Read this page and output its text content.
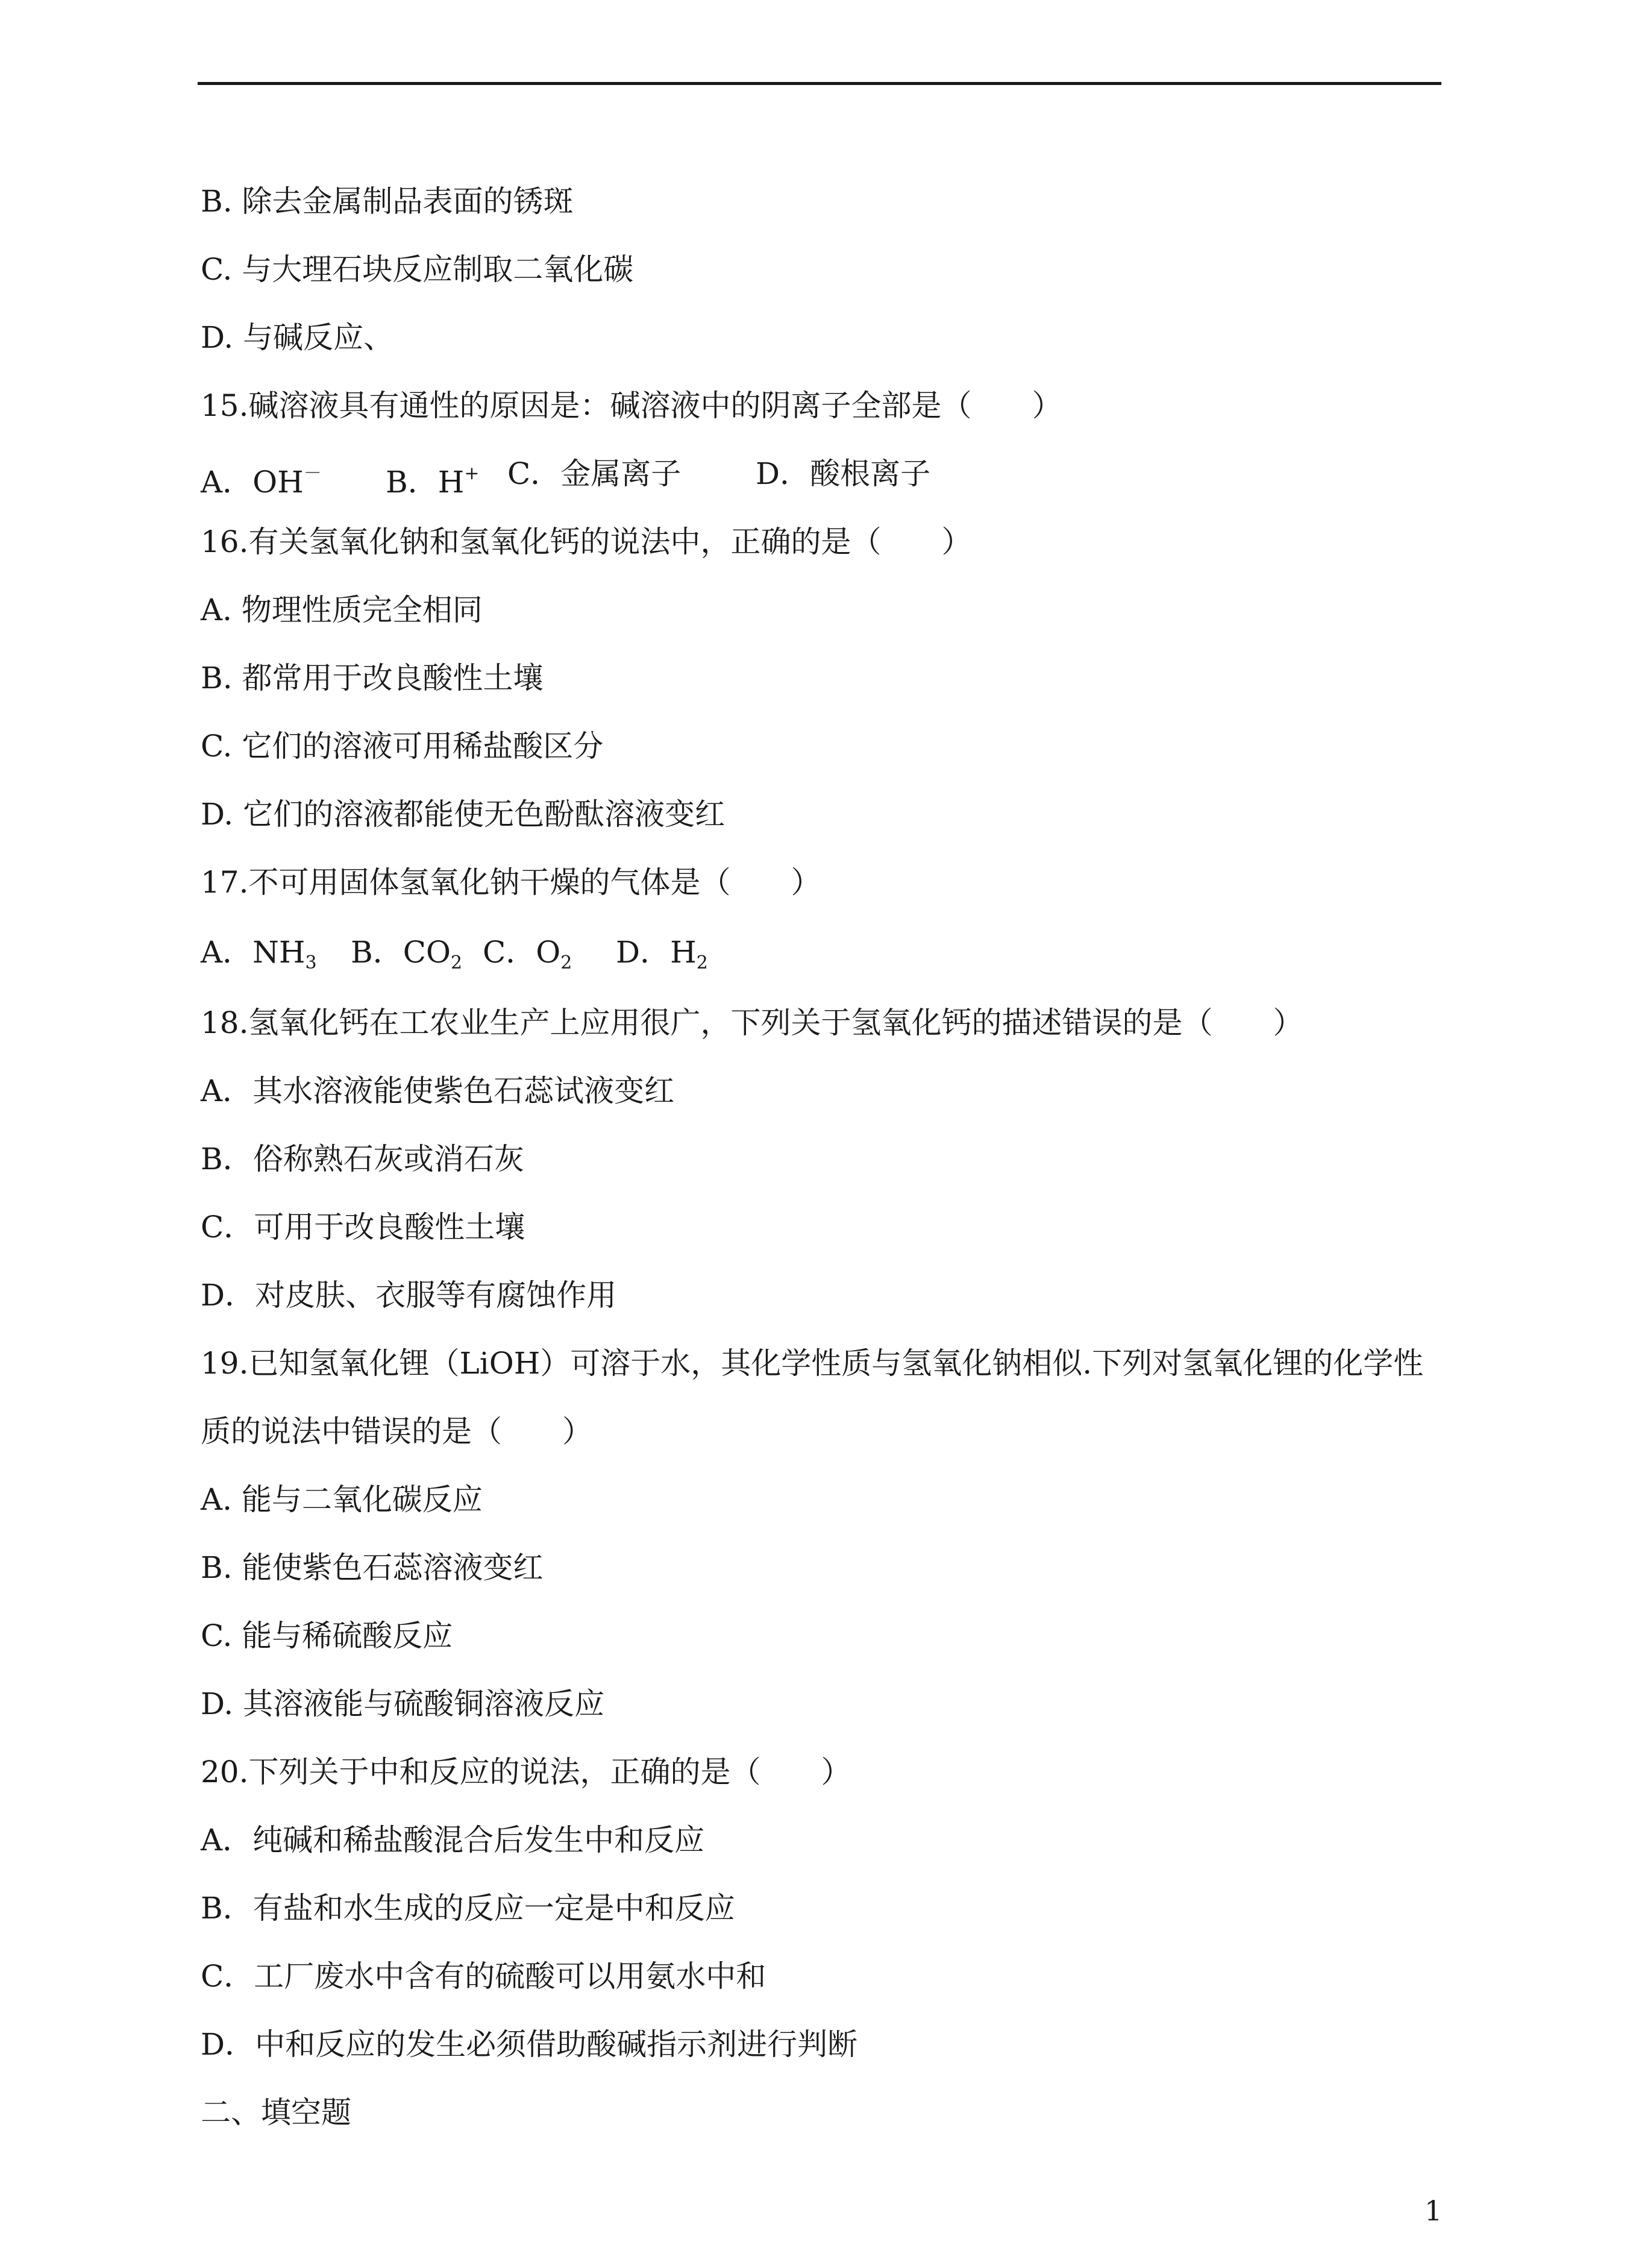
B. 除去金属制品表面的锈斑
C. 与大理石块反应制取二氧化碳
D. 与碱反应、
15.碱溶液具有通性的原因是：碱溶液中的阴离子全部是（　　）
A．OH－ B．H+ C．金属离子 D．酸根离子
16.有关氢氧化钠和氢氧化钙的说法中，正确的是（　　）
A. 物理性质完全相同
B. 都常用于改良酸性土壤
C. 它们的溶液可用稀盐酸区分
D. 它们的溶液都能使无色酚酞溶液变红
17.不可用固体氢氧化钠干燥的气体是（　　）
A．$NH_3$ B．$CO_2$ C．$O_2$ D．$H_2$
18.氢氧化钙在工农业生产上应用很广，下列关于氢氧化钙的描述错误的是（　　）
A．其水溶液能使紫色石蕊试液变红
B．俗称熟石灰或消石灰
C．可用于改良酸性土壤
D．对皮肤、衣服等有腐蚀作用
19.已知氢氧化锂（LiOH）可溶于水，其化学性质与氢氧化钠相似.下列对氢氧化锂的化学性
质的说法中错误的是（　　）
A. 能与二氧化碳反应
B. 能使紫色石蕊溶液变红
C. 能与稀硫酸反应
D. 其溶液能与硫酸铜溶液反应
20.下列关于中和反应的说法，正确的是（　　）
A．纯碱和稀盐酸混合后发生中和反应
B．有盐和水生成的反应一定是中和反应
C．工厂废水中含有的硫酸可以用氨水中和
D．中和反应的发生必须借助酸碱指示剂进行判断
二、填空题
1
